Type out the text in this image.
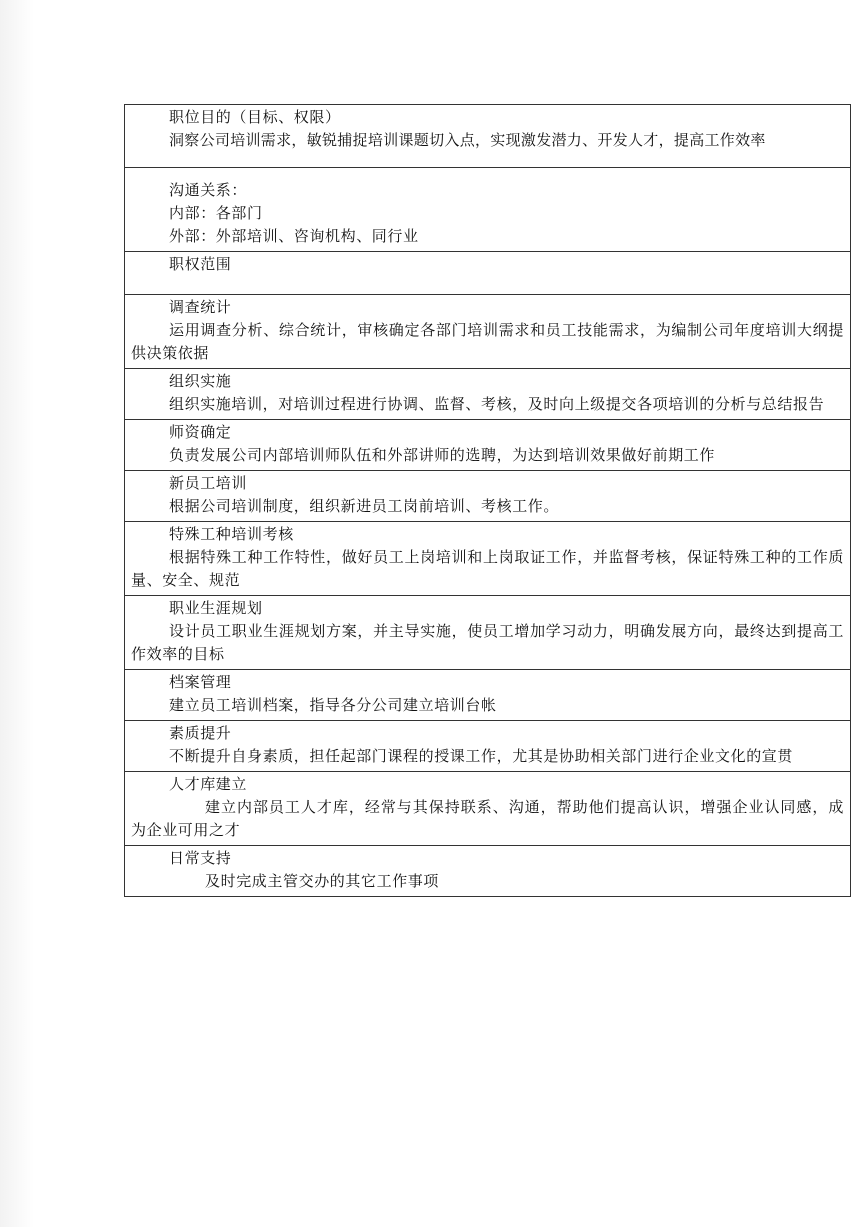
职位目的（目标、权限）
洞察公司培训需求，敏锐捕捉培训课题切入点，实现激发潜力、开发人才，提高工作效率

沟通关系：
内部：各部门
外部：外部培训、咨询机构、同行业

职权范围

调查统计
运用调查分析、综合统计，审核确定各部门培训需求和员工技能需求，为编制公司年度培训大纲提供决策依据

组织实施
组织实施培训，对培训过程进行协调、监督、考核，及时向上级提交各项培训的分析与总结报告

师资确定
负责发展公司内部培训师队伍和外部讲师的选聘，为达到培训效果做好前期工作

新员工培训
根据公司培训制度，组织新进员工岗前培训、考核工作。

特殊工种培训考核
根据特殊工种工作特性，做好员工上岗培训和上岗取证工作，并监督考核，保证特殊工种的工作质量、安全、规范

职业生涯规划
设计员工职业生涯规划方案，并主导实施，使员工增加学习动力，明确发展方向，最终达到提高工作效率的目标

档案管理
建立员工培训档案，指导各分公司建立培训台帐

素质提升
不断提升自身素质，担任起部门课程的授课工作，尤其是协助相关部门进行企业文化的宣贯

人才库建立
建立内部员工人才库，经常与其保持联系、沟通，帮助他们提高认识，增强企业认同感，成为企业可用之才

日常支持
及时完成主管交办的其它工作事项
